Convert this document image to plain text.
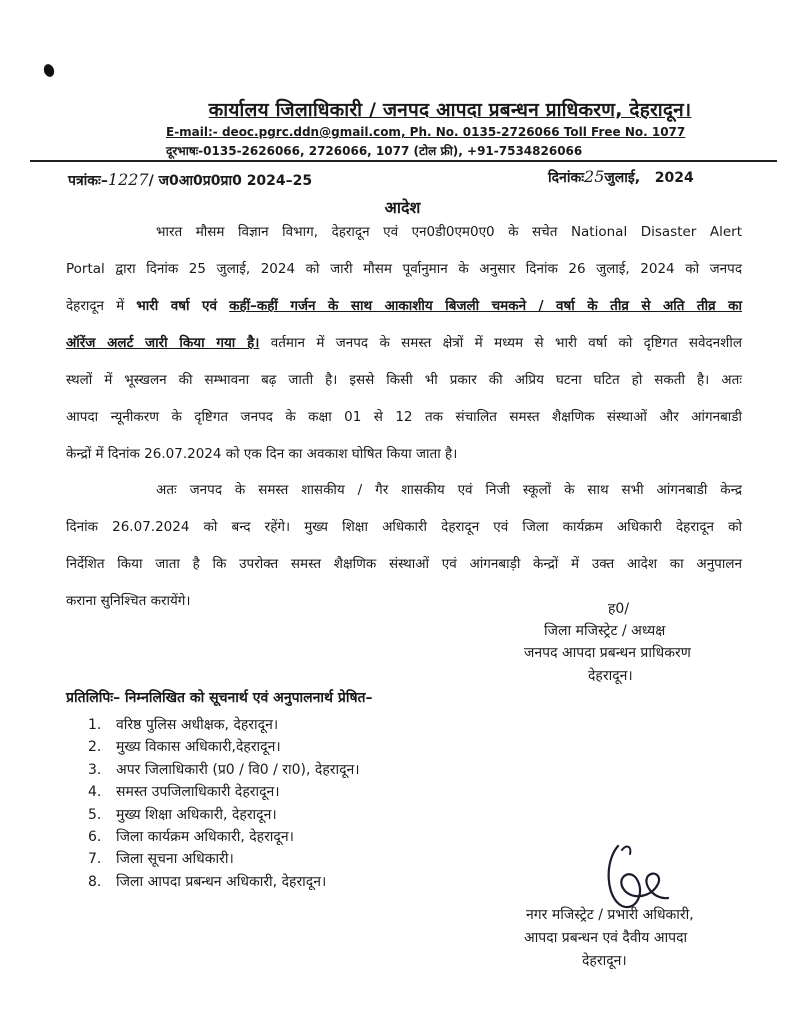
कार्यालय जिलाधिकारी / जनपद आपदा प्रबन्धन प्राधिकरण, देहरादून।
E-mail:- deoc.pgrc.ddn@gmail.com, Ph. No. 0135-2726066 Toll Free No. 1077
दूरभाषः-0135-2626066, 2726066, 1077 (टोल फ्री), +91-7534826066
पत्रांकः–1227/ ज0आ0प्र0प्रा0 2024–25	दिनांकः25जुलाई, 2024
आदेश
भारत मौसम विज्ञान विभाग, देहरादून एवं एन0डी0एम0ए0 के सचेत National Disaster Alert
Portal द्वारा दिनांक 25 जुलाई, 2024 को जारी मौसम पूर्वानुमान के अनुसार दिनांक 26 जुलाई, 2024 को जनपद
देहरादून में भारी वर्षा एवं कहीं–कहीं गर्जन के साथ आकाशीय बिजली चमकने / वर्षा के तीव्र से अति तीव्र का
ऑरेंज अलर्ट जारी किया गया है। वर्तमान में जनपद के समस्त क्षेत्रों में मध्यम से भारी वर्षा को दृष्टिगत सवेदनशील
स्थलों में भूस्खलन की सम्भावना बढ़ जाती है। इससे किसी भी प्रकार की अप्रिय घटना घटित हो सकती है। अतः
आपदा न्यूनीकरण के दृष्टिगत जनपद के कक्षा 01 से 12 तक संचालित समस्त शैक्षणिक संस्थाओं और आंगनबाडी
केन्द्रों में दिनांक 26.07.2024 को एक दिन का अवकाश घोषित किया जाता है।
अतः जनपद के समस्त शासकीय / गैर शासकीय एवं निजी स्कूलों के साथ सभी आंगनबाडी केन्द्र
दिनांक 26.07.2024 को बन्द रहेंगे। मुख्य शिक्षा अधिकारी देहरादून एवं जिला कार्यक्रम अधिकारी देहरादून को
निर्देशित किया जाता है कि उपरोक्त समस्त शैक्षणिक संस्थाओं एवं आंगनबाड़ी केन्द्रों में उक्त आदेश का अनुपालन
कराना सुनिश्चित करायेंगे।	ह0/
जिला मजिस्ट्रेट / अध्यक्ष
जनपद आपदा प्रबन्धन प्राधिकरण
देहरादून।
प्रतिलिपिः– निम्नलिखित को सूचनार्थ एवं अनुपालनार्थ प्रेषित–
1. वरिष्ठ पुलिस अधीक्षक, देहरादून।
2. मुख्य विकास अधिकारी,देहरादून।
3. अपर जिलाधिकारी (प्र0 / वि0 / रा0), देहरादून।
4. समस्त उपजिलाधिकारी देहरादून।
5. मुख्य शिक्षा अधिकारी, देहरादून।
6. जिला कार्यक्रम अधिकारी, देहरादून।
7. जिला सूचना अधिकारी।
8. जिला आपदा प्रबन्धन अधिकारी, देहरादून।
नगर मजिस्ट्रेट / प्रभारी अधिकारी,
आपदा प्रबन्धन एवं दैवीय आपदा
देहरादून।
